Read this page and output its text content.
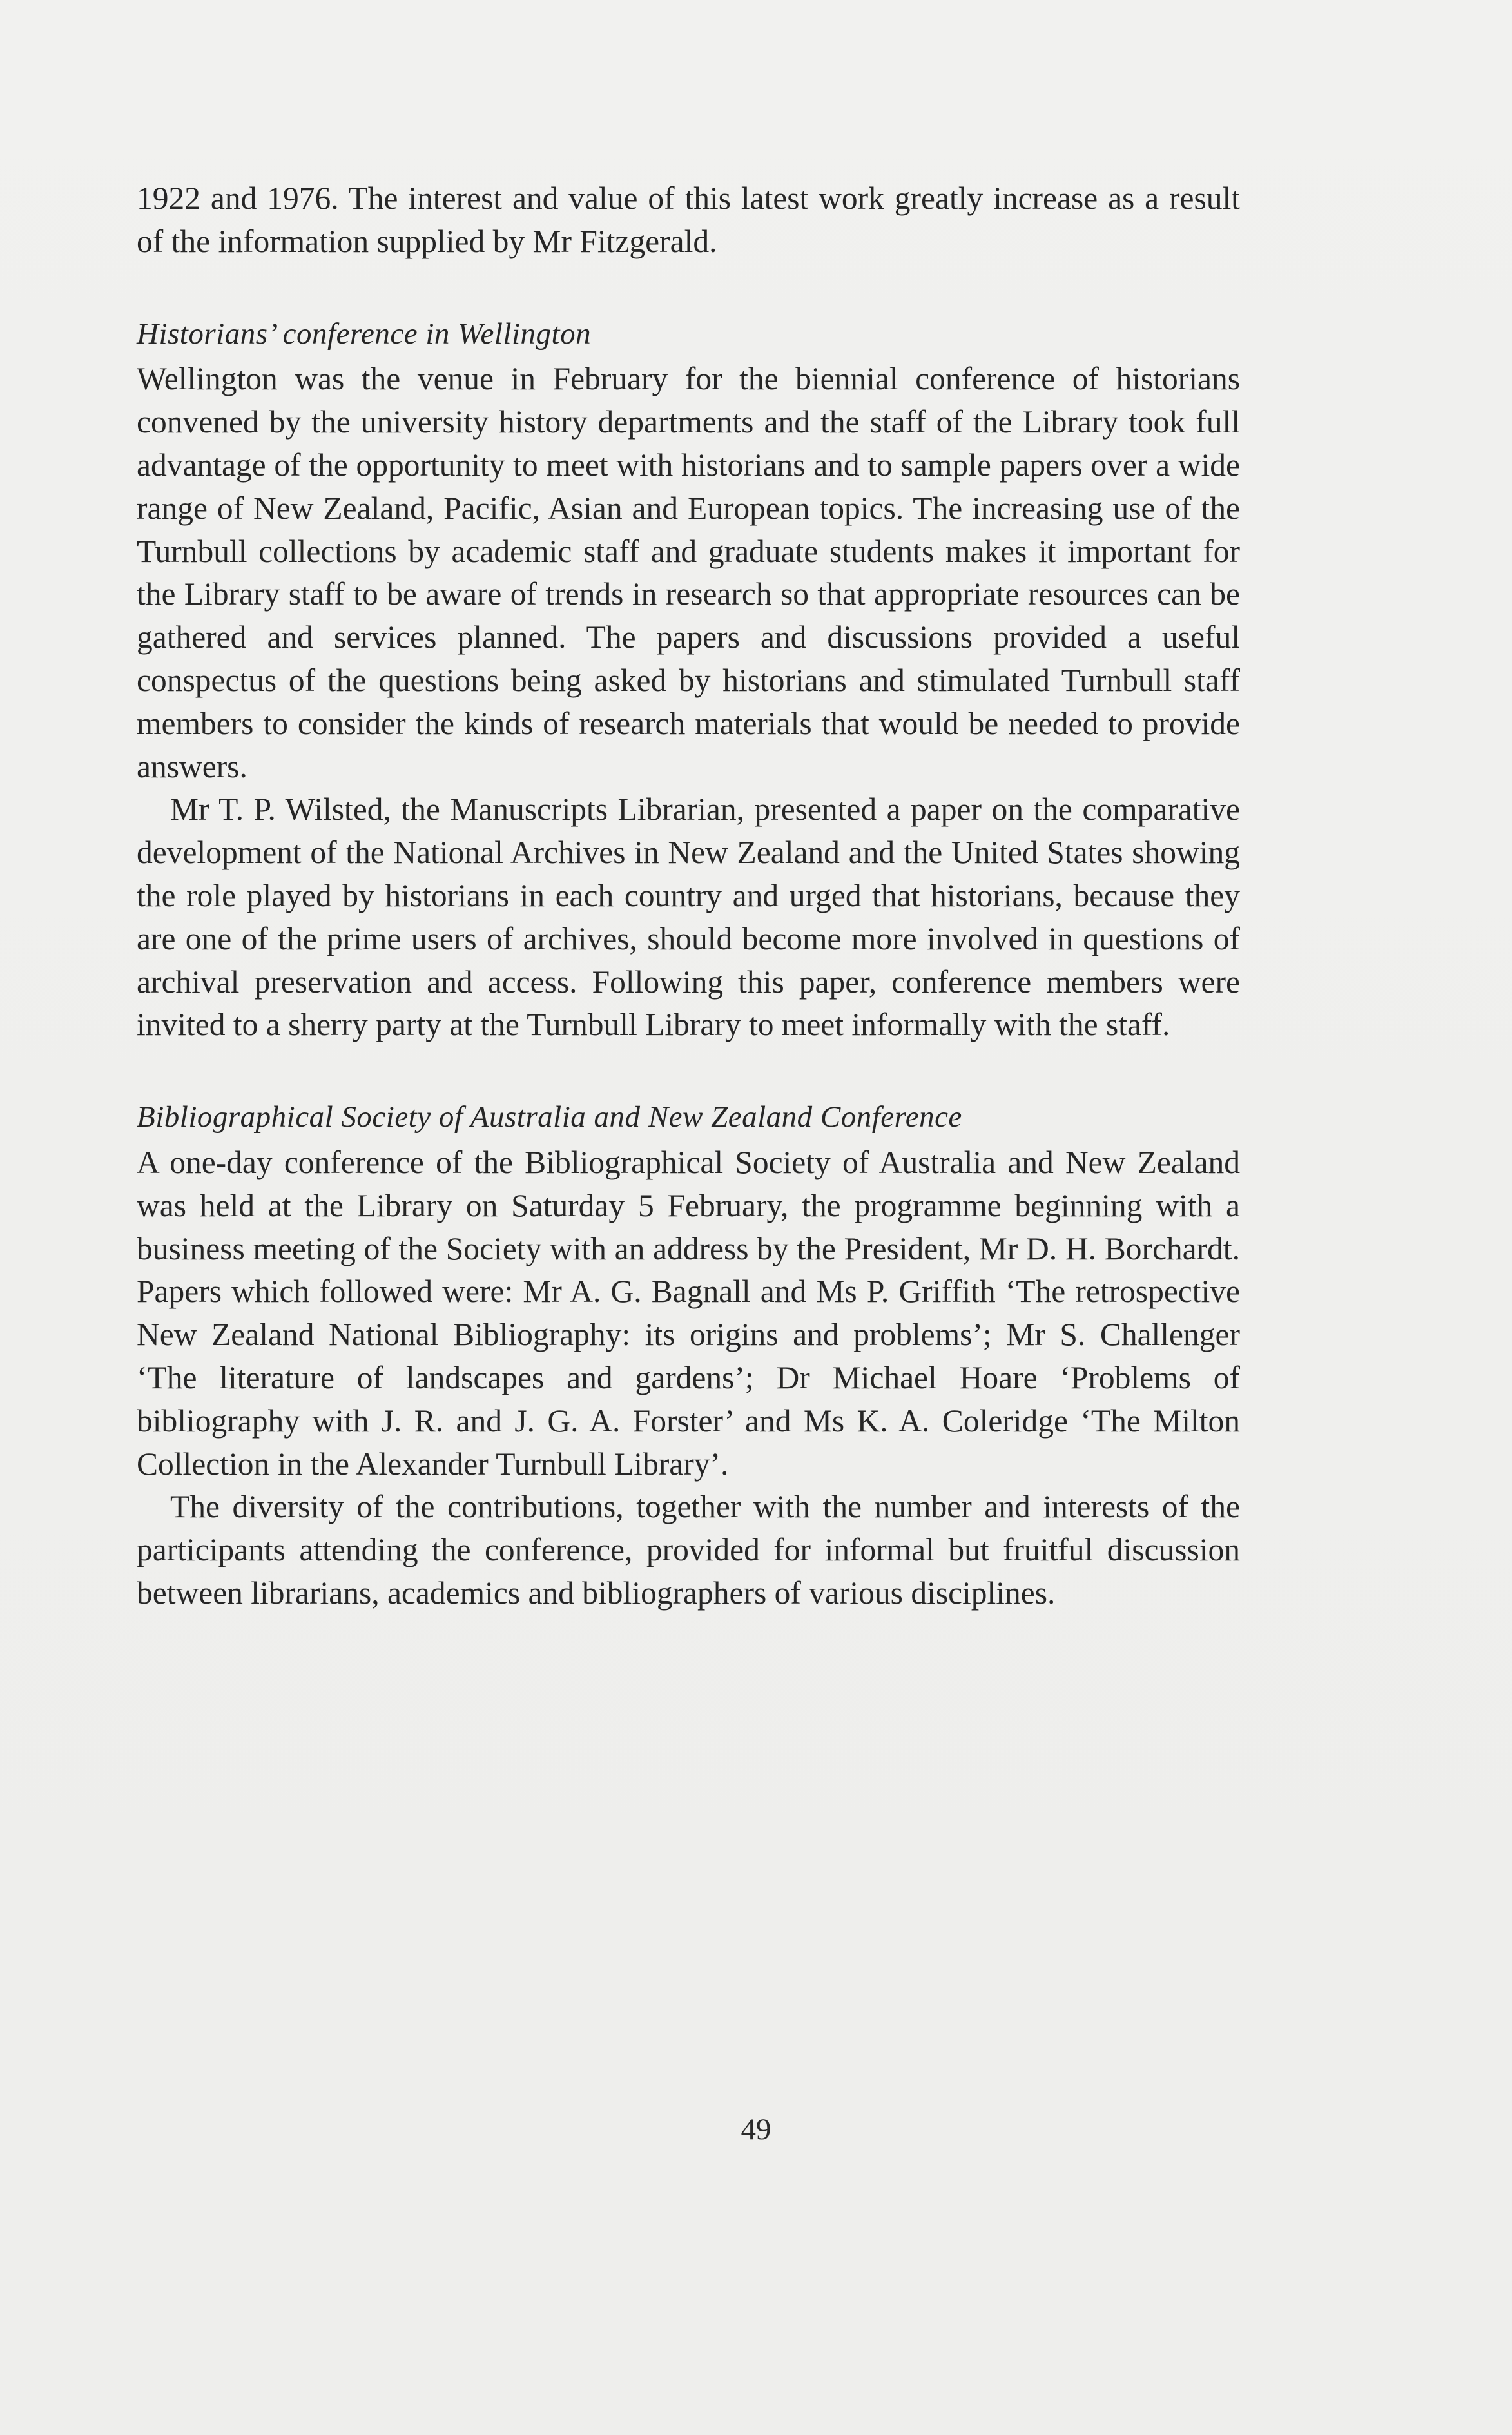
1922 and 1976. The interest and value of this latest work greatly increase as a result of the information supplied by Mr Fitzgerald.

Historians’ conference in Wellington

Wellington was the venue in February for the biennial conference of historians convened by the university history departments and the staff of the Library took full advantage of the opportunity to meet with historians and to sample papers over a wide range of New Zealand, Pacific, Asian and European topics. The increasing use of the Turnbull collections by academic staff and graduate students makes it important for the Library staff to be aware of trends in research so that appropriate resources can be gathered and services planned. The papers and discussions provided a useful conspectus of the questions being asked by historians and stimulated Turnbull staff members to consider the kinds of research materials that would be needed to provide answers.

Mr T. P. Wilsted, the Manuscripts Librarian, presented a paper on the comparative development of the National Archives in New Zealand and the United States showing the role played by historians in each country and urged that historians, because they are one of the prime users of archives, should become more involved in questions of archival preservation and access. Following this paper, conference members were invited to a sherry party at the Turnbull Library to meet informally with the staff.

Bibliographical Society of Australia and New Zealand Conference

A one-day conference of the Bibliographical Society of Australia and New Zealand was held at the Library on Saturday 5 February, the programme beginning with a business meeting of the Society with an address by the President, Mr D. H. Borchardt. Papers which followed were: Mr A. G. Bagnall and Ms P. Griffith ‘The retrospective New Zealand National Bibliography: its origins and problems’; Mr S. Challenger ‘The literature of landscapes and gardens’; Dr Michael Hoare ‘Problems of bibliography with J. R. and J. G. A. Forster’ and Ms K. A. Coleridge ‘The Milton Collection in the Alexander Turnbull Library’.

The diversity of the contributions, together with the number and interests of the participants attending the conference, provided for informal but fruitful discussion between librarians, academics and bibliographers of various disciplines.

49
